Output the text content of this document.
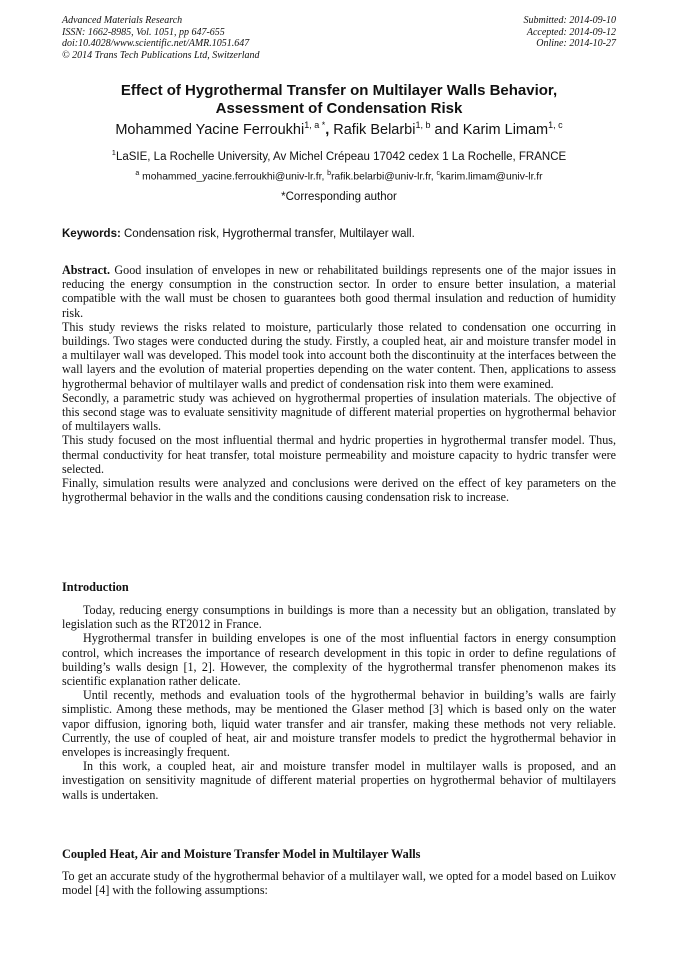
Advanced Materials Research
ISSN: 1662-8985, Vol. 1051, pp 647-655
doi:10.4028/www.scientific.net/AMR.1051.647
© 2014 Trans Tech Publications Ltd, Switzerland
Submitted: 2014-09-10
Accepted: 2014-09-12
Online: 2014-10-27
Effect of Hygrothermal Transfer on Multilayer Walls Behavior,
Assessment of Condensation Risk
Mohammed Yacine Ferroukhi$^{1, a *}$, Rafik Belarbi$^{1, b}$ and Karim Limam$^{1, c}$
$^1$LaSIE, La Rochelle University, Av Michel Crépeau 17042 cedex 1 La Rochelle, FRANCE
$^a$ mohammed_yacine.ferroukhi@univ-lr.fr, $^b$rafik.belarbi@univ-lr.fr, $^c$karim.limam@univ-lr.fr
*Corresponding author
Keywords: Condensation risk, Hygrothermal transfer, Multilayer wall.

Abstract. Good insulation of envelopes in new or rehabilitated buildings represents one of the major issues in reducing the energy consumption in the construction sector. In order to ensure better insulation, a material compatible with the wall must be chosen to guarantees both good thermal insulation and reduction of humidity risk.

This study reviews the risks related to moisture, particularly those related to condensation one occurring in buildings. Two stages were conducted during the study. Firstly, a coupled heat, air and moisture transfer model in a multilayer wall was developed. This model took into account both the discontinuity at the interfaces between the wall layers and the evolution of material properties depending on the water content. Then, applications to assess hygrothermal behavior of multilayer walls and predict of condensation risk into them were examined.

Secondly, a parametric study was achieved on hygrothermal properties of insulation materials. The objective of this second stage was to evaluate sensitivity magnitude of different material properties on hygrothermal behavior of multilayers walls.

This study focused on the most influential thermal and hydric properties in hygrothermal transfer model. Thus, thermal conductivity for heat transfer, total moisture permeability and moisture capacity to hydric transfer were selected.

Finally, simulation results were analyzed and conclusions were derived on the effect of key parameters on the hygrothermal behavior in the walls and the conditions causing condensation risk to increase.

Introduction

Today, reducing energy consumptions in buildings is more than a necessity but an obligation, translated by legislation such as the RT2012 in France.

Hygrothermal transfer in building envelopes is one of the most influential factors in energy consumption control, which increases the importance of research development in this topic in order to define regulations of building’s walls design [1, 2]. However, the complexity of the hygrothermal transfer phenomenon makes its scientific explanation rather delicate.

Until recently, methods and evaluation tools of the hygrothermal behavior in building’s walls are fairly simplistic. Among these methods, may be mentioned the Glaser method [3] which is based only on the water vapor diffusion, ignoring both, liquid water transfer and air transfer, making these methods not very reliable. Currently, the use of coupled of heat, air and moisture transfer models to predict the hygrothermal behavior in envelopes is increasingly frequent.

In this work, a coupled heat, air and moisture transfer model in multilayer walls is proposed, and an investigation on sensitivity magnitude of different material properties on hygrothermal behavior of multilayers walls is undertaken.

Coupled Heat, Air and Moisture Transfer Model in Multilayer Walls

To get an accurate study of the hygrothermal behavior of a multilayer wall, we opted for a model based on Luikov model [4] with the following assumptions:
